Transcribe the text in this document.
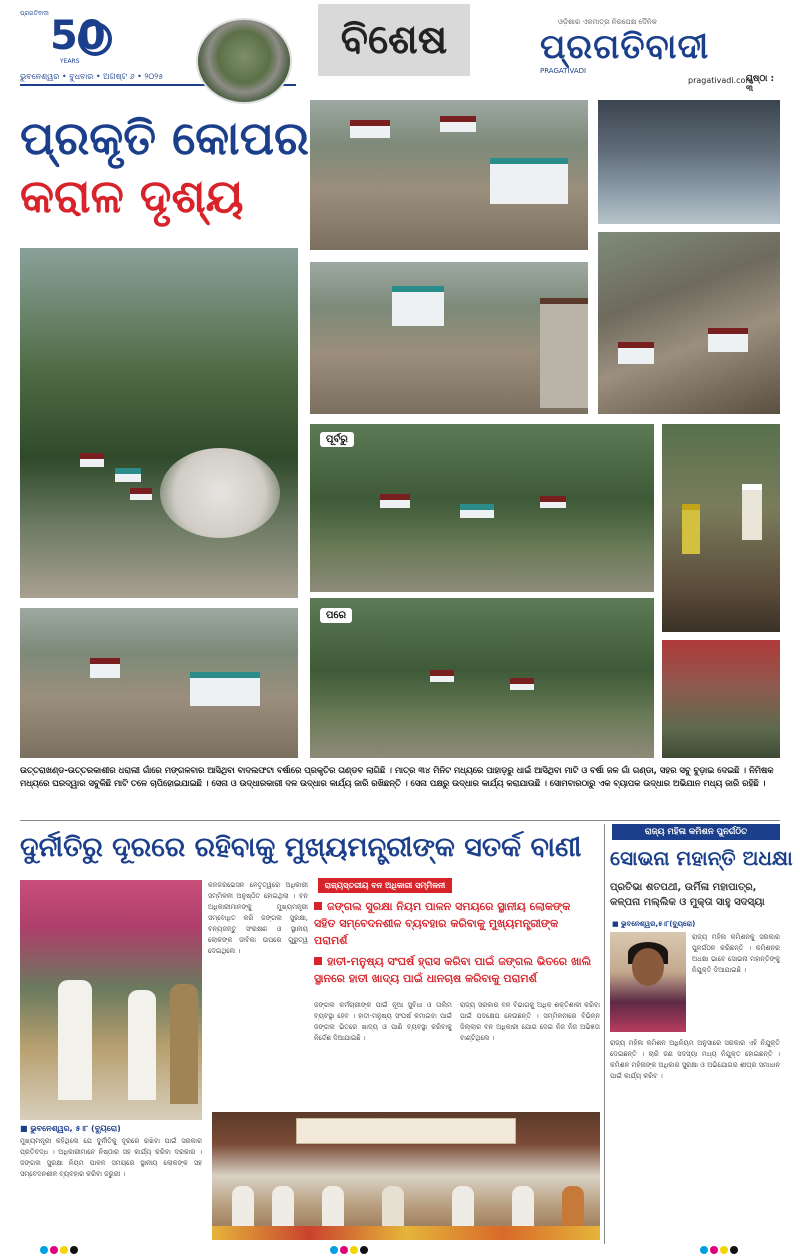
ପ୍ରଗତିବାଦୀ 50
YEARS
ଭୁବନେଶ୍ୱର • ବୁଧବାର • ଅଗଷ୍ଟ ୬ • ୨୦୨୫
ବିଶେଷ	ଓଡ଼ିଶାର ଏକମାତ୍ର ନିରପେକ୍ଷ ଦୈନିକ
ପ୍ରଗତିବାଦୀ
PRAGATIVADI
pragativadi.com
ପୃଷ୍ଠା : ୩
ପ୍ରକୃତି କୋପର
କରାଳ ଦୃଶ୍ୟ
ପୂର୍ବରୁ
ପରେ
ଉତ୍ତରାଖଣ୍ଡ-ଉତ୍ତରକାଶୀର ଧରାଲୀ ଗାଁରେ ମଙ୍ଗଳବାର ଆସିଥିବା ବାଦଲଫଟା ବର୍ଷାରେ ପ୍ରକୃତିର ତାଣ୍ଡବ ଲାଗିଛି । ମାତ୍ର ୩୪ ମିନିଟ ମଧ୍ୟରେ ପାହାଡ଼ରୁ ଧାଇଁ ଆସିଥିବା ମାଟି ଓ ବର୍ଷା ଜଳ ଗାଁ ଗଣ୍ଡା, ସହର ସବୁ ବୁଡ଼ାଇ ଦେଇଛି । ନିମିଷକ ମଧ୍ୟରେ ଘରଦ୍ୱାର ସବୁକିଛି ମାଟି ତଳେ ଚାପିହୋଇଯାଇଛି । ସେନା ଓ ଉଦ୍ଧାରକାରୀ ଦଳ ଉଦ୍ଧାର କାର୍ଯ୍ୟ ଜାରି ରଖିଛନ୍ତି । ସେନା ପକ୍ଷରୁ ଉଦ୍ଧାର କାର୍ଯ୍ୟ କରାଯାଉଛି । ସୋମବାରଠାରୁ ଏକ ବ୍ୟାପକ ଉଦ୍ଧାର ଅଭିଯାନ ମଧ୍ୟ ଜାରି ରହିଛି ।
ଦୁର୍ନୀତିରୁ ଦୂରରେ ରହିବାକୁ ମୁଖ୍ୟମନ୍ତ୍ରୀଙ୍କ ସତର୍କ ବାଣୀ
■ ଭୁବନେଶ୍ୱର, ୫।୮ (ବ୍ୟୁରୋ)
ମୁଖ୍ୟମନ୍ତ୍ରୀ କହିଥିଲେ ଯେ ଦୁର୍ନୀତିକୁ ଦୂରରେ ରଖିବା ପାଇଁ ସରକାର ପ୍ରତିବଦ୍ଧ । ଅଧିକାରୀମାନେ ନିଷ୍ଠାର ସହ କାର୍ଯ୍ୟ କରିବା ଦରକାର । ଜଙ୍ଗଲ ସୁରକ୍ଷା ନିୟମ ପାଳନ ସମୟରେ ସ୍ଥାନୀୟ ଲୋକଙ୍କ ସହ ସମ୍ବେଦନଶୀଳ ବ୍ୟବହାର କରିବା ଜରୁରୀ ।
କନଜରଭେସନ ନେତୃତ୍ୱରେ ଅଧିକାରୀ ସମ୍ମିଳନୀ ଅନୁଷ୍ଠିତ ହୋଇଥିଲା । ବନ ଅଧିକାରୀମାନଙ୍କୁ ମୁଖ୍ୟମନ୍ତ୍ରୀ ସମ୍ବୋଧିତ କରି ଜଙ୍ଗଲ ସୁରକ୍ଷା, ବନ୍ୟଜନ୍ତୁ ସଂରକ୍ଷଣ ଓ ସ୍ଥାନୀୟ ଲୋକଙ୍କ ଜୀବିକା ଉପରେ ଗୁରୁତ୍ୱ ଦେଇଥିଲେ ।
ରାଜ୍ୟସ୍ତରୀୟ ବନ ଅଧିକାରୀ ସମ୍ମିଳନୀ
ଜଙ୍ଗଲ ସୁରକ୍ଷା ନିୟମ ପାଳନ ସମୟରେ ସ୍ଥାନୀୟ ଲୋକଙ୍କ ସହିତ ସମ୍ବେଦନଶୀଳ ବ୍ୟବହାର କରିବାକୁ ମୁଖ୍ୟମନ୍ତ୍ରୀଙ୍କ ପରାମର୍ଶ
ହାତୀ-ମନୁଷ୍ୟ ସଂଘର୍ଷ ହ୍ରାସ କରିବା ପାଇଁ ଜଙ୍ଗଲ ଭିତରେ ଖାଲି ସ୍ଥାନରେ ହାତୀ ଖାଦ୍ୟ ପାଇଁ ଧାନଚାଷ କରିବାକୁ ପରାମର୍ଶ
ଜଙ୍ଗଲ କର୍ମଚାରୀଙ୍କ ପାଇଁ ନୂଆ ସୁବିଧା ଓ ତାଲିମ ବ୍ୟବସ୍ଥା ହେବ । ହାତୀ-ମନୁଷ୍ୟ ସଂଘର୍ଷ କମାଇବା ପାଇଁ ଜଙ୍ଗଲ ଭିତରେ ଖାଦ୍ୟ ଓ ପାଣି ବ୍ୟବସ୍ଥା କରିବାକୁ ନିର୍ଦ୍ଦେଶ ଦିଆଯାଇଛି ।
ରାଜ୍ୟ ସରକାର ବନ ବିଭାଗକୁ ଅଧିକ ଶକ୍ତିଶାଳୀ କରିବା ପାଇଁ ପଦକ୍ଷେପ ନେଉଛନ୍ତି । ସମ୍ମିଳନୀରେ ବିଭିନ୍ନ ଜିଲ୍ଲାର ବନ ଅଧିକାରୀ ଯୋଗ ଦେଇ ନିଜ ନିଜ ଅଭିଜ୍ଞତା ବାଣ୍ଟିଥିଲେ ।
ରାଜ୍ୟ ମହିଳା କମିଶନ ପୁନର୍ଗଠିତ
ସୋଭନା ମହାନ୍ତି ଅଧକ୍ଷା
ପ୍ରତିଭା ଶତପଥୀ, ଉର୍ମିଳା ମହାପାତ୍ର, କଳ୍ପନା ମଲ୍ଲିକ ଓ ମୁକ୍ତା ସାହୁ ସଦସ୍ୟା
■ ଭୁବନେଶ୍ୱର,୫।୮(ବ୍ୟୁରୋ)
ରାଜ୍ୟ ମହିଳା କମିଶନକୁ ସରକାର ପୁନର୍ଗଠନ କରିଛନ୍ତି । କମିଶନର ଅଧକ୍ଷା ଭାବେ ସୋଭନା ମହାନ୍ତିଙ୍କୁ ନିଯୁକ୍ତି ଦିଆଯାଇଛି ।
ରାଜ୍ୟ ମହିଳା କମିଶନ ଅଧିନିୟମ ଅନୁସାରେ ସରକାର ଏହି ନିଯୁକ୍ତି ଦେଇଛନ୍ତି । ଚାରି ଜଣ ସଦସ୍ୟା ମଧ୍ୟ ନିଯୁକ୍ତ ହୋଇଛନ୍ତି । କମିଶନ ମହିଳାଙ୍କ ଅଧିକାର ସୁରକ୍ଷା ଓ ଅଭିଯୋଗର ଶୀଘ୍ର ସମାଧାନ ପାଇଁ କାର୍ଯ୍ୟ କରିବ ।
